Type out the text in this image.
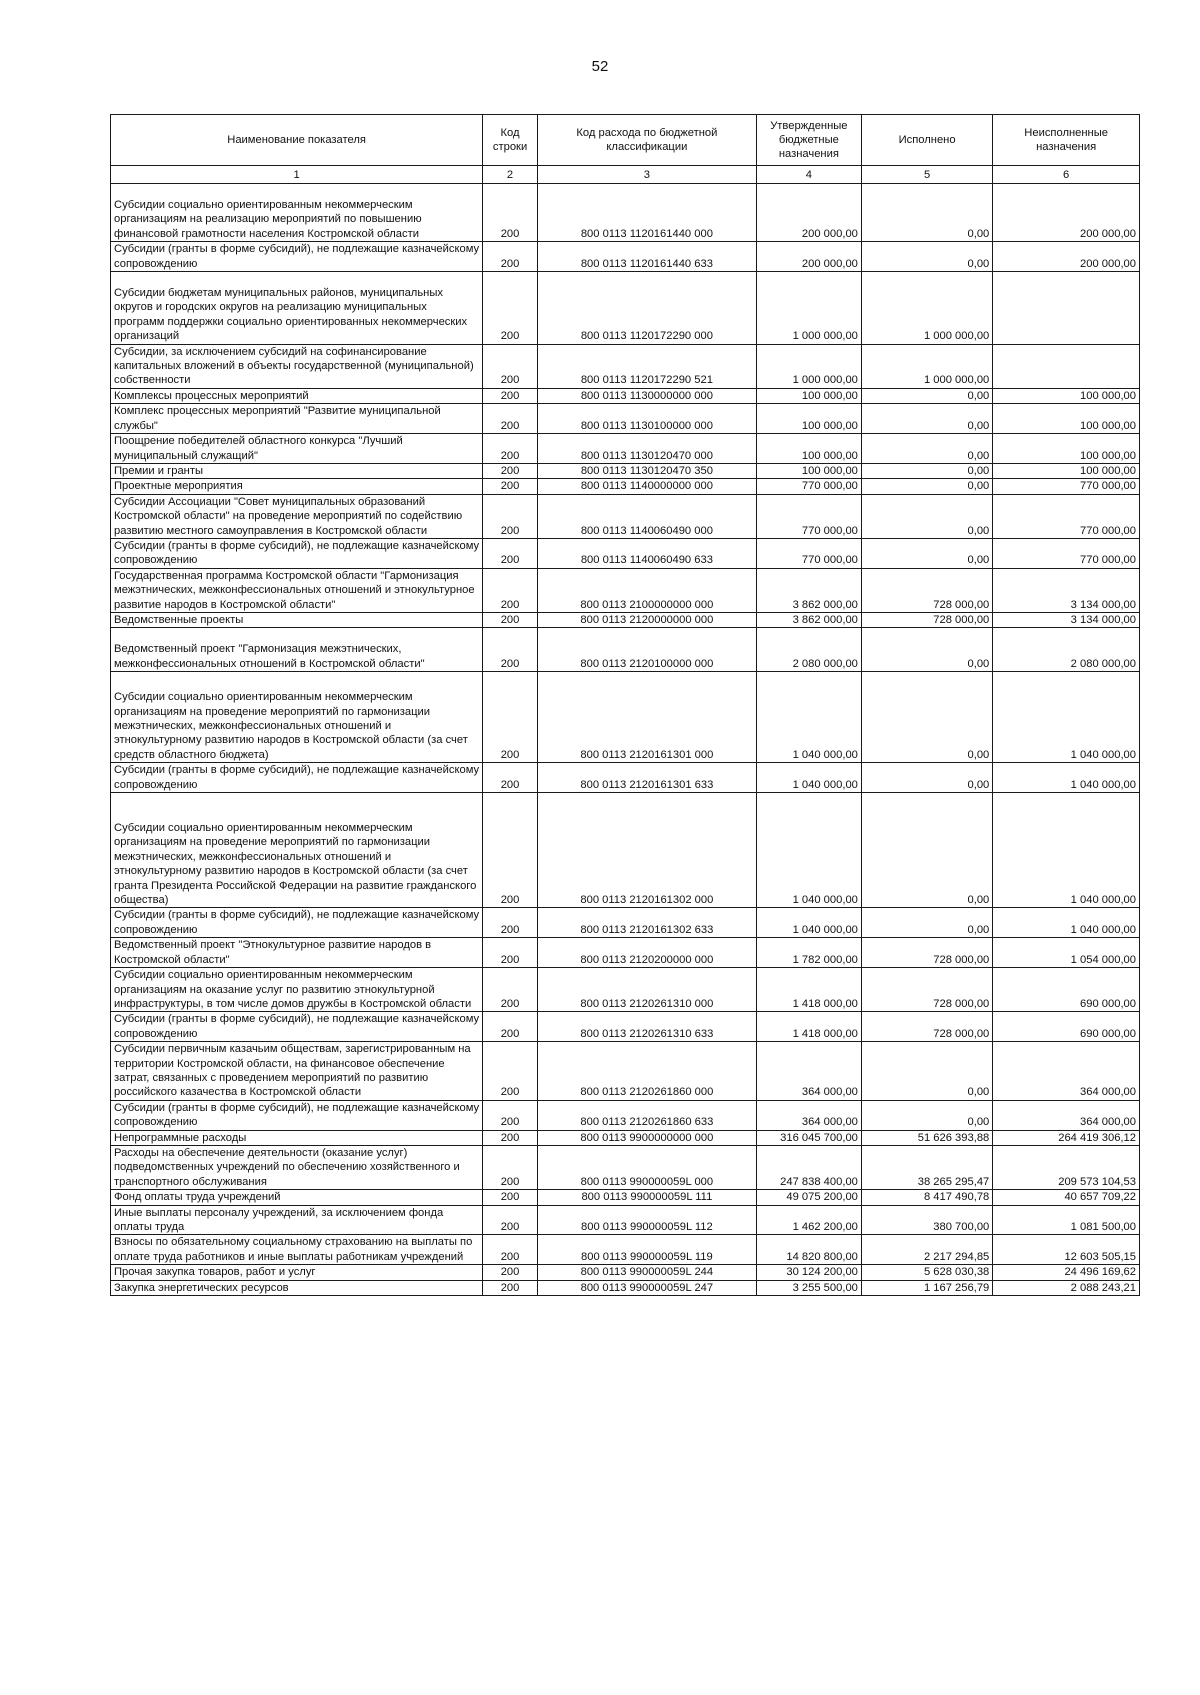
52
Наименование показателя	Код строки	Код расхода по бюджетной классификации	Утвержденные бюджетные назначения	Исполнено	Неисполненные назначения
1	2	3	4	5	6
Субсидии социально ориентированным некоммерческим организациям на реализацию мероприятий по повышению финансовой грамотности населения Костромской области	200	800 0113 1120161440 000	200 000,00	0,00	200 000,00
Субсидии (гранты в форме субсидий), не подлежащие казначейскому сопровождению	200	800 0113 1120161440 633	200 000,00	0,00	200 000,00
Субсидии бюджетам муниципальных районов, муниципальных округов и городских округов на реализацию муниципальных программ поддержки социально ориентированных некоммерческих организаций	200	800 0113 1120172290 000	1 000 000,00	1 000 000,00	
Субсидии, за исключением субсидий на софинансирование капитальных вложений в объекты государственной (муниципальной) собственности	200	800 0113 1120172290 521	1 000 000,00	1 000 000,00	
Комплексы процессных мероприятий	200	800 0113 1130000000 000	100 000,00	0,00	100 000,00
Комплекс процессных мероприятий "Развитие муниципальной службы"	200	800 0113 1130100000 000	100 000,00	0,00	100 000,00
Поощрение победителей областного конкурса "Лучший муниципальный служащий"	200	800 0113 1130120470 000	100 000,00	0,00	100 000,00
Премии и гранты	200	800 0113 1130120470 350	100 000,00	0,00	100 000,00
Проектные мероприятия	200	800 0113 1140000000 000	770 000,00	0,00	770 000,00
Субсидии Ассоциации "Совет муниципальных образований Костромской области" на проведение мероприятий по содействию развитию местного самоуправления в Костромской области	200	800 0113 1140060490 000	770 000,00	0,00	770 000,00
Субсидии (гранты в форме субсидий), не подлежащие казначейскому сопровождению	200	800 0113 1140060490 633	770 000,00	0,00	770 000,00
Государственная программа Костромской области "Гармонизация межэтнических, межконфессиональных отношений и этнокультурное развитие народов в Костромской области"	200	800 0113 2100000000 000	3 862 000,00	728 000,00	3 134 000,00
Ведомственные проекты	200	800 0113 2120000000 000	3 862 000,00	728 000,00	3 134 000,00
Ведомственный проект "Гармонизация межэтнических, межконфессиональных отношений в Костромской области"	200	800 0113 2120100000 000	2 080 000,00	0,00	2 080 000,00
Субсидии социально ориентированным некоммерческим организациям на проведение мероприятий по гармонизации межэтнических, межконфессиональных отношений и этнокультурному развитию народов в Костромской области (за счет средств областного бюджета)	200	800 0113 2120161301 000	1 040 000,00	0,00	1 040 000,00
Субсидии (гранты в форме субсидий), не подлежащие казначейскому сопровождению	200	800 0113 2120161301 633	1 040 000,00	0,00	1 040 000,00
Субсидии социально ориентированным некоммерческим организациям на проведение мероприятий по гармонизации межэтнических, межконфессиональных отношений и этнокультурному развитию народов в Костромской области (за счет гранта Президента Российской Федерации на развитие гражданского общества)	200	800 0113 2120161302 000	1 040 000,00	0,00	1 040 000,00
Субсидии (гранты в форме субсидий), не подлежащие казначейскому сопровождению	200	800 0113 2120161302 633	1 040 000,00	0,00	1 040 000,00
Ведомственный проект "Этнокультурное развитие народов в Костромской области"	200	800 0113 2120200000 000	1 782 000,00	728 000,00	1 054 000,00
Субсидии социально ориентированным некоммерческим организациям на оказание услуг по развитию этнокультурной инфраструктуры, в том числе домов дружбы в Костромской области	200	800 0113 2120261310 000	1 418 000,00	728 000,00	690 000,00
Субсидии (гранты в форме субсидий), не подлежащие казначейскому сопровождению	200	800 0113 2120261310 633	1 418 000,00	728 000,00	690 000,00
Субсидии первичным казачьим обществам, зарегистрированным на территории Костромской области, на финансовое обеспечение затрат, связанных с проведением мероприятий по развитию российского казачества в Костромской области	200	800 0113 2120261860 000	364 000,00	0,00	364 000,00
Субсидии (гранты в форме субсидий), не подлежащие казначейскому сопровождению	200	800 0113 2120261860 633	364 000,00	0,00	364 000,00
Непрограммные расходы	200	800 0113 9900000000 000	316 045 700,00	51 626 393,88	264 419 306,12
Расходы на обеспечение деятельности (оказание услуг) подведомственных учреждений по обеспечению хозяйственного и транспортного обслуживания	200	800 0113 990000059L 000	247 838 400,00	38 265 295,47	209 573 104,53
Фонд оплаты труда учреждений	200	800 0113 990000059L 111	49 075 200,00	8 417 490,78	40 657 709,22
Иные выплаты персоналу учреждений, за исключением фонда оплаты труда	200	800 0113 990000059L 112	1 462 200,00	380 700,00	1 081 500,00
Взносы по обязательному социальному страхованию на выплаты по оплате труда работников и иные выплаты работникам учреждений	200	800 0113 990000059L 119	14 820 800,00	2 217 294,85	12 603 505,15
Прочая закупка товаров, работ и услуг	200	800 0113 990000059L 244	30 124 200,00	5 628 030,38	24 496 169,62
Закупка энергетических ресурсов	200	800 0113 990000059L 247	3 255 500,00	1 167 256,79	2 088 243,21
